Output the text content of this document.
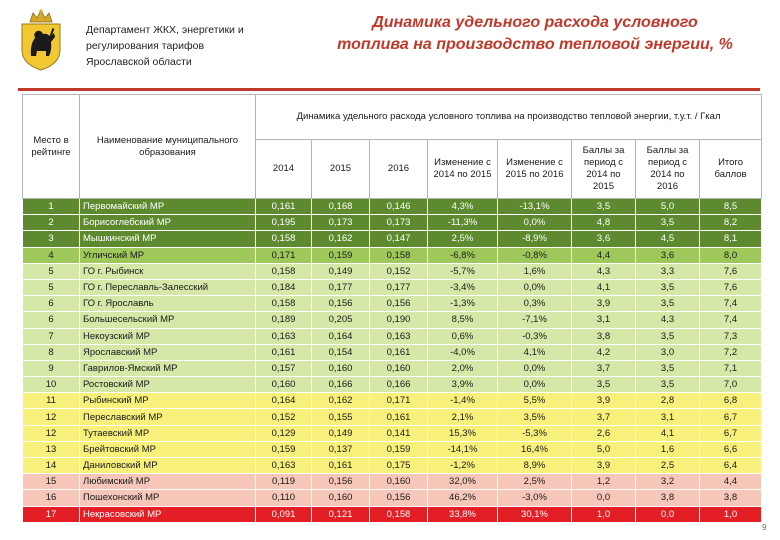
Департамент ЖКХ, энергетики и
регулирования тарифов
Ярославской области
Динамика удельного расхода условного
топлива на производство тепловой энергии, %
Место в рейтинге	Наименование муниципального образования	Динамика удельного расхода условного топлива на производство тепловой энергии, т.у.т. / Гкал							
		2014	2015	2016	Изменение с 2014 по 2015	Изменение с 2015 по 2016	Баллы за период с 2014 по 2015	Баллы за период с 2014 по 2016	Итого баллов
1	Первомайский МР	0,161	0,168	0,146	4,3%	-13,1%	3,5	5,0	8,5
2	Борисоглебский МР	0,195	0,173	0,173	-11,3%	0,0%	4,8	3,5	8,2
3	Мышкинский МР	0,158	0,162	0,147	2,5%	-8,9%	3,6	4,5	8,1
4	Угличский МР	0,171	0,159	0,158	-6,8%	-0,8%	4,4	3,6	8,0
5	ГО г. Рыбинск	0,158	0,149	0,152	-5,7%	1,6%	4,3	3,3	7,6
5	ГО г. Переславль-Залесский	0,184	0,177	0,177	-3,4%	0,0%	4,1	3,5	7,6
6	ГО г. Ярославль	0,158	0,156	0,156	-1,3%	0,3%	3,9	3,5	7,4
6	Большесельский МР	0,189	0,205	0,190	8,5%	-7,1%	3,1	4,3	7,4
7	Некоузский МР	0,163	0,164	0,163	0,6%	-0,3%	3,8	3,5	7,3
8	Ярославский МР	0,161	0,154	0,161	-4,0%	4,1%	4,2	3,0	7,2
9	Гаврилов-Ямский МР	0,157	0,160	0,160	2,0%	0,0%	3,7	3,5	7,1
10	Ростовский МР	0,160	0,166	0,166	3,9%	0,0%	3,5	3,5	7,0
11	Рыбинский МР	0,164	0,162	0,171	-1,4%	5,5%	3,9	2,8	6,8
12	Переславский МР	0,152	0,155	0,161	2,1%	3,5%	3,7	3,1	6,7
12	Тутаевский МР	0,129	0,149	0,141	15,3%	-5,3%	2,6	4,1	6,7
13	Брейтовский МР	0,159	0,137	0,159	-14,1%	16,4%	5,0	1,6	6,6
14	Даниловский МР	0,163	0,161	0,175	-1,2%	8,9%	3,9	2,5	6,4
15	Любимский МР	0,119	0,156	0,160	32,0%	2,5%	1,2	3,2	4,4
16	Пошехонский МР	0,110	0,160	0,156	46,2%	-3,0%	0,0	3,8	3,8
17	Некрасовский МР	0,091	0,121	0,158	33,8%	30,1%	1,0	0,0	1,0
9
